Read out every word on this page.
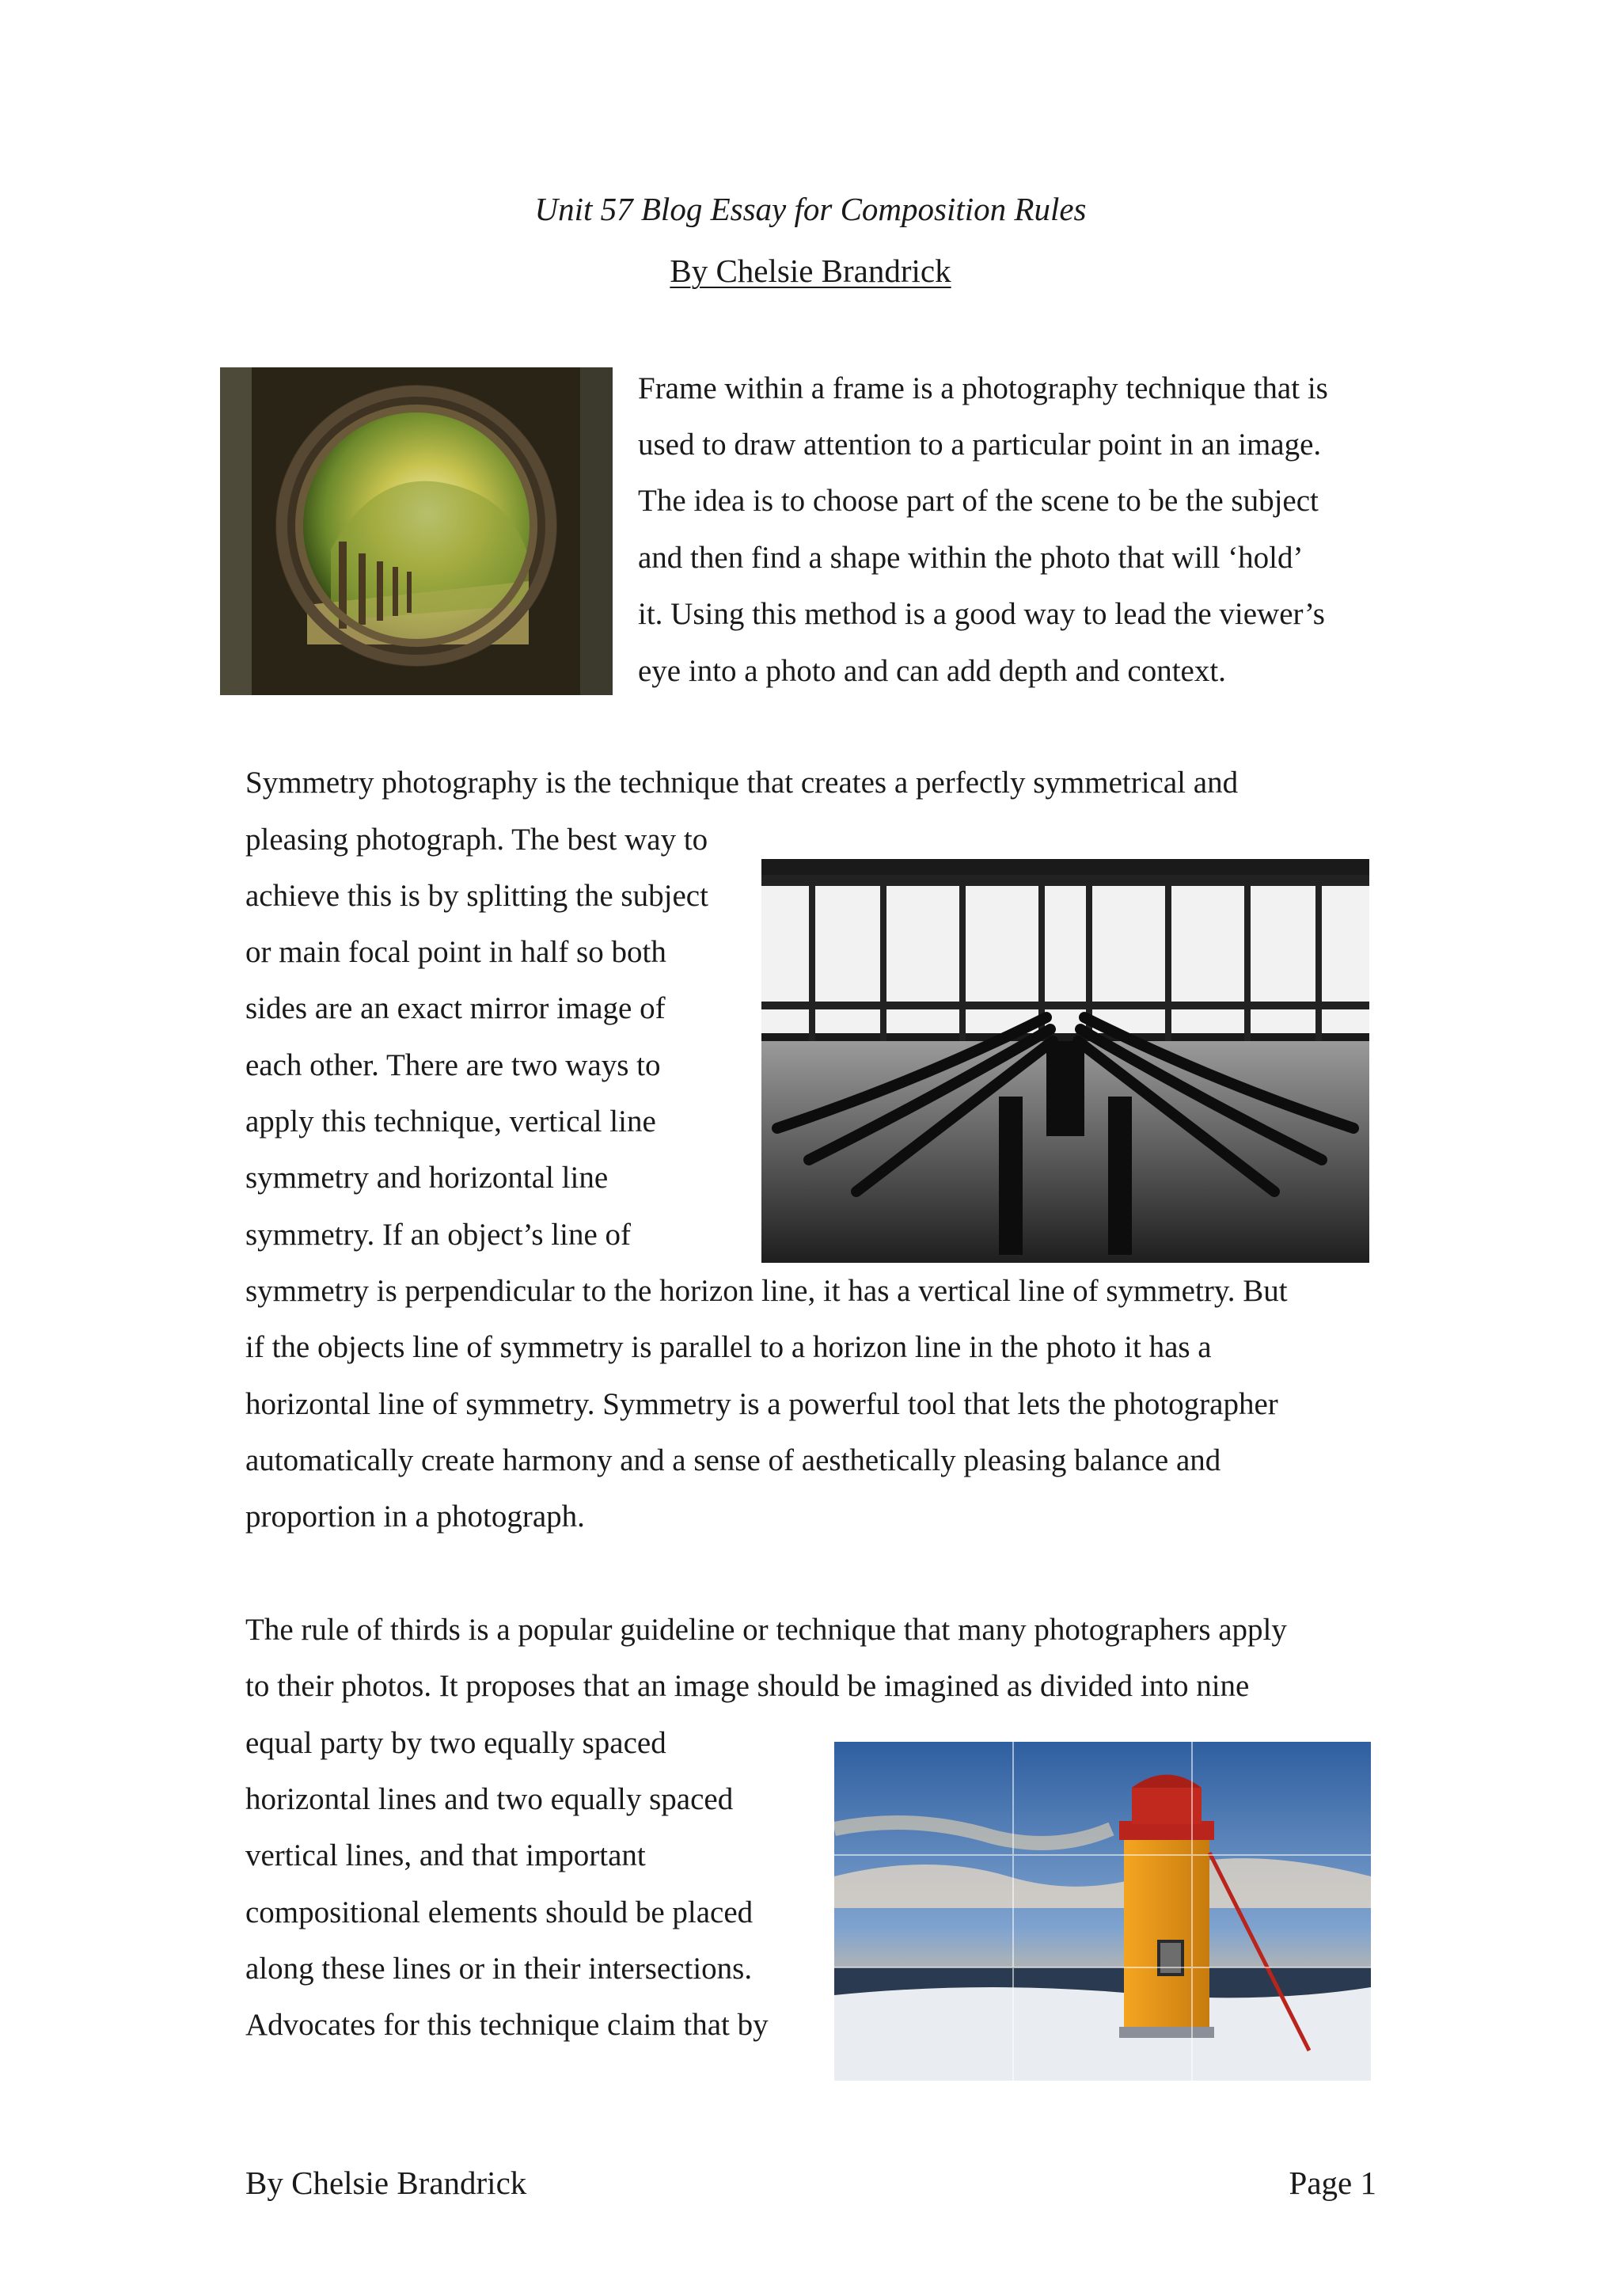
Unit 57 Blog Essay for Composition Rules
By Chelsie Brandrick
Frame within a frame is a photography technique that is
used to draw attention to a particular point in an image.
The idea is to choose part of the scene to be the subject
and then find a shape within the photo that will ‘hold’
it. Using this method is a good way to lead the viewer’s
eye into a photo and can add depth and context.
Symmetry photography is the technique that creates a perfectly symmetrical and
pleasing photograph. The best way to
achieve this is by splitting the subject
or main focal point in half so both
sides are an exact mirror image of
each other. There are two ways to
apply this technique, vertical line
symmetry and horizontal line
symmetry. If an object’s line of
symmetry is perpendicular to the horizon line, it has a vertical line of symmetry. But
if the objects line of symmetry is parallel to a horizon line in the photo it has a
horizontal line of symmetry. Symmetry is a powerful tool that lets the photographer
automatically create harmony and a sense of aesthetically pleasing balance and
proportion in a photograph.
The rule of thirds is a popular guideline or technique that many photographers apply
to their photos. It proposes that an image should be imagined as divided into nine
equal party by two equally spaced
horizontal lines and two equally spaced
vertical lines, and that important
compositional elements should be placed
along these lines or in their intersections.
Advocates for this technique claim that by
By Chelsie Brandrick	Page 1
